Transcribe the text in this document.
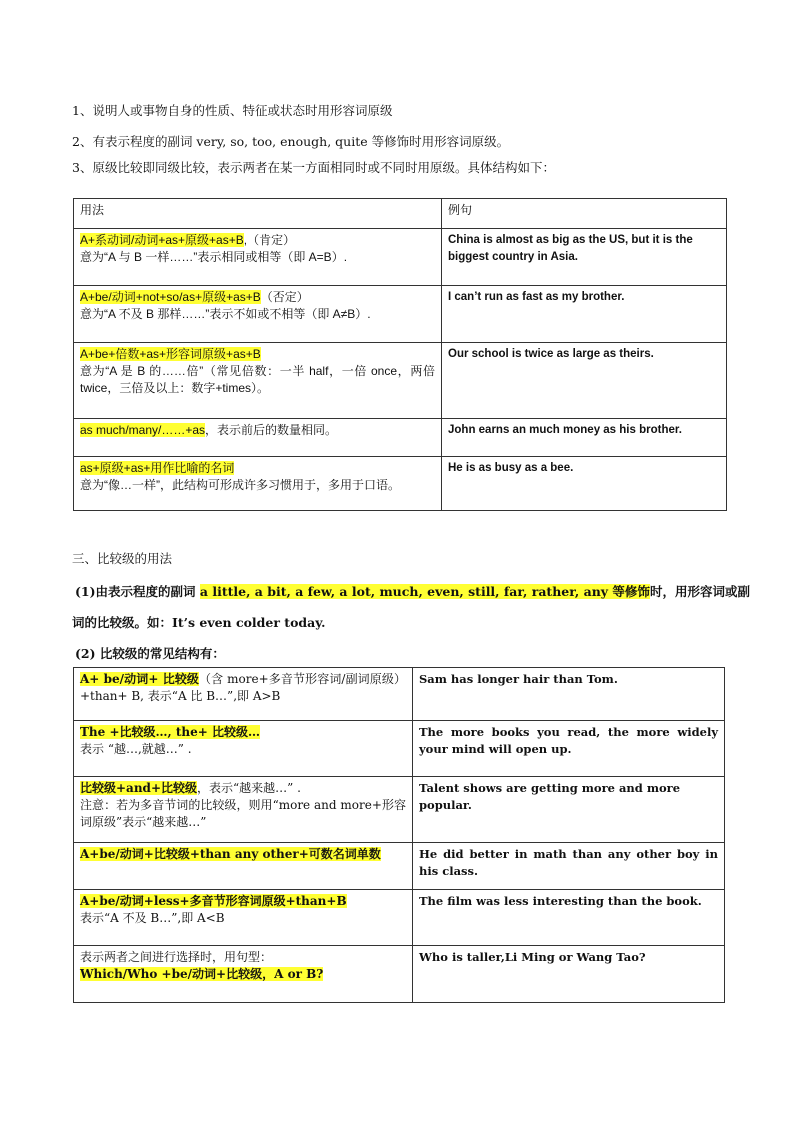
1、说明人或事物自身的性质、特征或状态时用形容词原级
2、有表示程度的副词 very, so, too, enough, quite 等修饰时用形容词原级。
3、原级比较即同级比较，表示两者在某一方面相同时或不同时用原级。具体结构如下：
用法	例句
A+系动词/动词+as+原级+as+B,（肯定）
意为“A 与 B 一样……”表示相同或相等（即 A=B）.	China is almost as big as the US, but it is the biggest country in Asia.
A+be/动词+not+so/as+原级+as+B（否定）
意为“A 不及 B 那样……”表示不如或不相等（即 A≠B）.	I can’t run as fast as my brother.
A+be+倍数+as+形容词原级+as+B

意为“A 是 B 的……倍”（常见倍数：一半 half，一倍 once，两倍 twice，三倍及以上：数字+times）。	Our school is twice as large as theirs.
as much/many/……+as，表示前后的数量相同。	John earns an much money as his brother.
as+原级+as+用作比喻的名词

意为“像…一样”，此结构可形成许多习惯用于，多用于口语。	He is as busy as a bee.
三、比较级的用法
(1)由表示程度的副词 a little, a bit, a few, a lot, much, even, still, far, rather, any 等修饰时，用形容词或副
词的比较级。如：It’s even colder today.
(2) 比较级的常见结构有：
A+ be/动词+ 比较级（含 more+多音节形容词/副词原级）+than+ B, 表示“A 比 B…”,即 A>B	Sam has longer hair than Tom.
The +比较级…, the+ 比较级…
表示 “越…,就越…” .	The more books you read, the more widely your mind will open up.
比较级+and+比较级，表示“越来越…” .

注意：若为多音节词的比较级，则用“more and more+形容词原级”表示“越来越…”	Talent shows are getting more and more popular.
A+be/动词+比较级+than any other+可数名词单数	He did better in math than any other boy in his class.
A+be/动词+less+多音节形容词原级+than+B
表示“A 不及 B…”,即 A<B	The film was less interesting than the book.
表示两者之间进行选择时，用句型：
Which/Who +be/动词+比较级，A or B?	Who is taller,Li Ming or Wang Tao?
